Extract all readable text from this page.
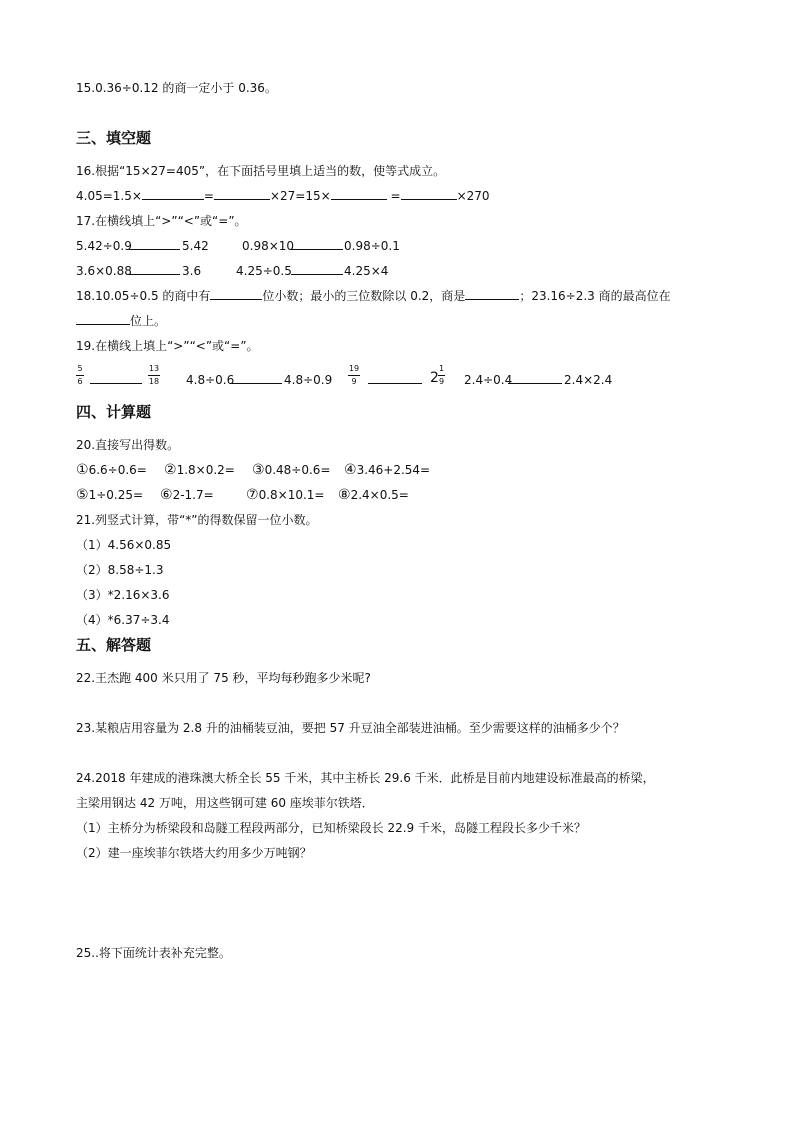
15.0.36÷0.12 的商一定小于 0.36。
三、填空题
16.根据“15×27=405”，在下面括号里填上适当的数，使等式成立。
4.05=1.5×	=	×27=15×	=	×270
17.在横线填上“>”“<”或“=”。
5.42÷0.9	5.42	0.98×10	0.98÷0.1
3.6×0.88	3.6	4.25÷0.5	4.25×4
18.10.05÷0.5 的商中有	位小数；最小的三位数除以 0.2，商是	；23.16÷2.3 商的最高位在
位上。
19.在横线上填上“>”“<”或“=”。
5
6
13
18 4.8÷0.6	4.8÷0.9
19
9	2
1
9 2.4÷0.4	2.4×2.4
四、计算题
20.直接写出得数。
①6.6÷0.6= ②1.8×0.2= ③0.48÷0.6= ④3.46+2.54=
⑤1÷0.25= ⑥2-1.7= ⑦0.8×10.1= ⑧2.4×0.5=
21.列竖式计算，带“*”的得数保留一位小数。
（1）4.56×0.85
（2）8.58÷1.3
（3）*2.16×3.6
（4）*6.37÷3.4
五、解答题
22.王杰跑 400 米只用了 75 秒，平均每秒跑多少米呢?
23.某粮店用容量为 2.8 升的油桶装豆油，要把 57 升豆油全部装进油桶。至少需要这样的油桶多少个？
24.2018 年建成的港珠澳大桥全长 55 千米，其中主桥长 29.6 千米．此桥是目前内地建设标准最高的桥梁，
主梁用钢达 42 万吨，用这些钢可建 60 座埃菲尔铁塔．
（1）主桥分为桥梁段和岛隧工程段两部分，已知桥梁段长 22.9 千米，岛隧工程段长多少千米？
（2）建一座埃菲尔铁塔大约用多少万吨钢？
25..将下面统计表补充完整。
